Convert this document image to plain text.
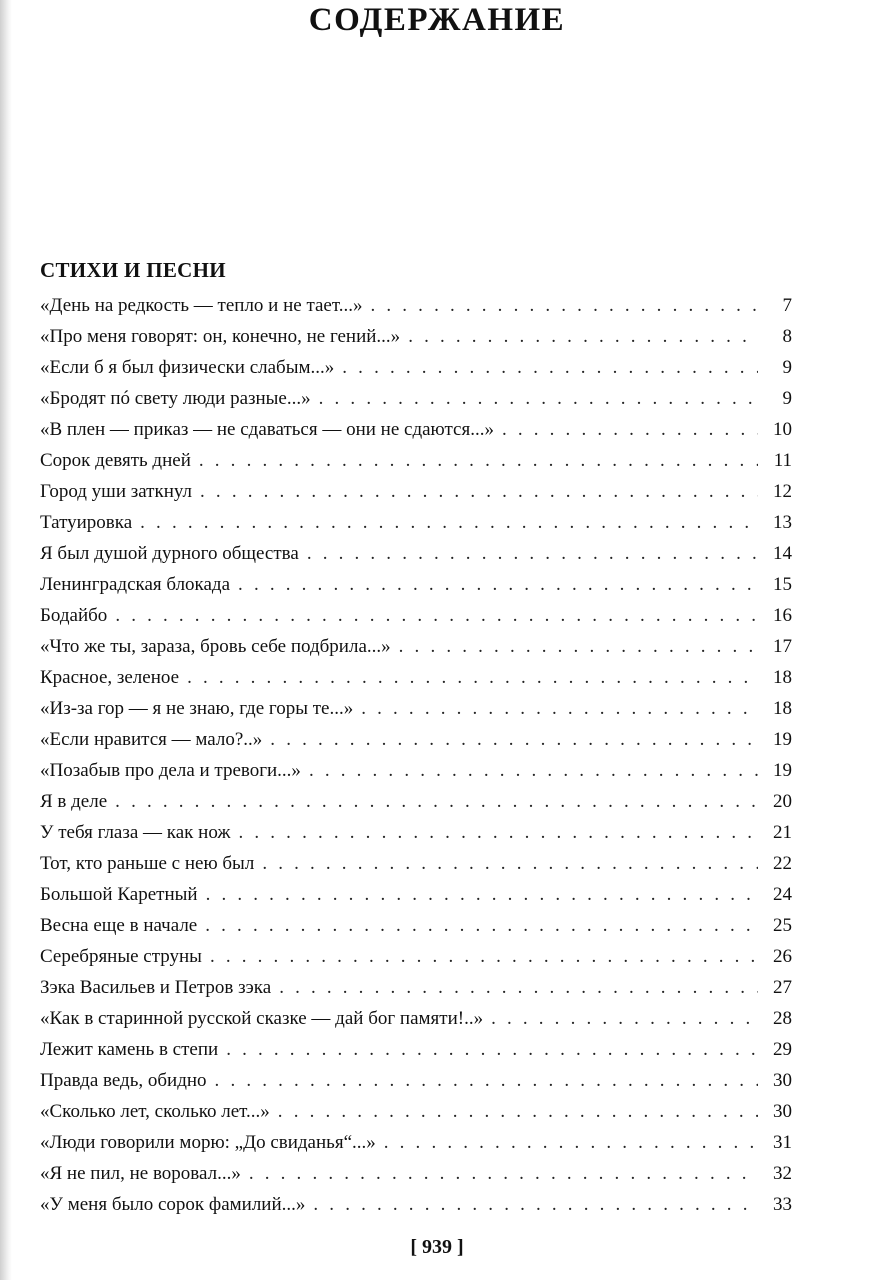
СОДЕРЖАНИЕ
СТИХИ И ПЕСНИ
«День на редкость — тепло и не тает...» . . .	7
«Про меня говорят: он, конечно, не гений...» . . .	8
«Если б я был физически слабым...» . . .	9
«Бродят пó свету люди разные...» . . .	9
«В плен — приказ — не сдаваться — они не сдаются...» . . .	10
Сорок девять дней . . .	11
Город уши заткнул . . .	12
Татуировка . . .	13
Я был душой дурного общества . . .	14
Ленинградская блокада . . .	15
Бодайбо . . .	16
«Что же ты, зараза, бровь себе подбрила...» . . .	17
Красное, зеленое . . .	18
«Из-за гор — я не знаю, где горы те...» . . .	18
«Если нравится — мало?..» . . .	19
«Позабыв про дела и тревоги...» . . .	19
Я в деле . . .	20
У тебя глаза — как нож . . .	21
Тот, кто раньше с нею был . . .	22
Большой Каретный . . .	24
Весна еще в начале . . .	25
Серебряные струны . . .	26
Зэка Васильев и Петров зэка . . .	27
«Как в старинной русской сказке — дай бог памяти!..» . . .	28
Лежит камень в степи . . .	29
Правда ведь, обидно . . .	30
«Сколько лет, сколько лет...» . . .	30
«Люди говорили морю: „До свиданья“...» . . .	31
«Я не пил, не воровал...» . . .	32
«У меня было сорок фамилий...» . . .	33
[ 939 ]
